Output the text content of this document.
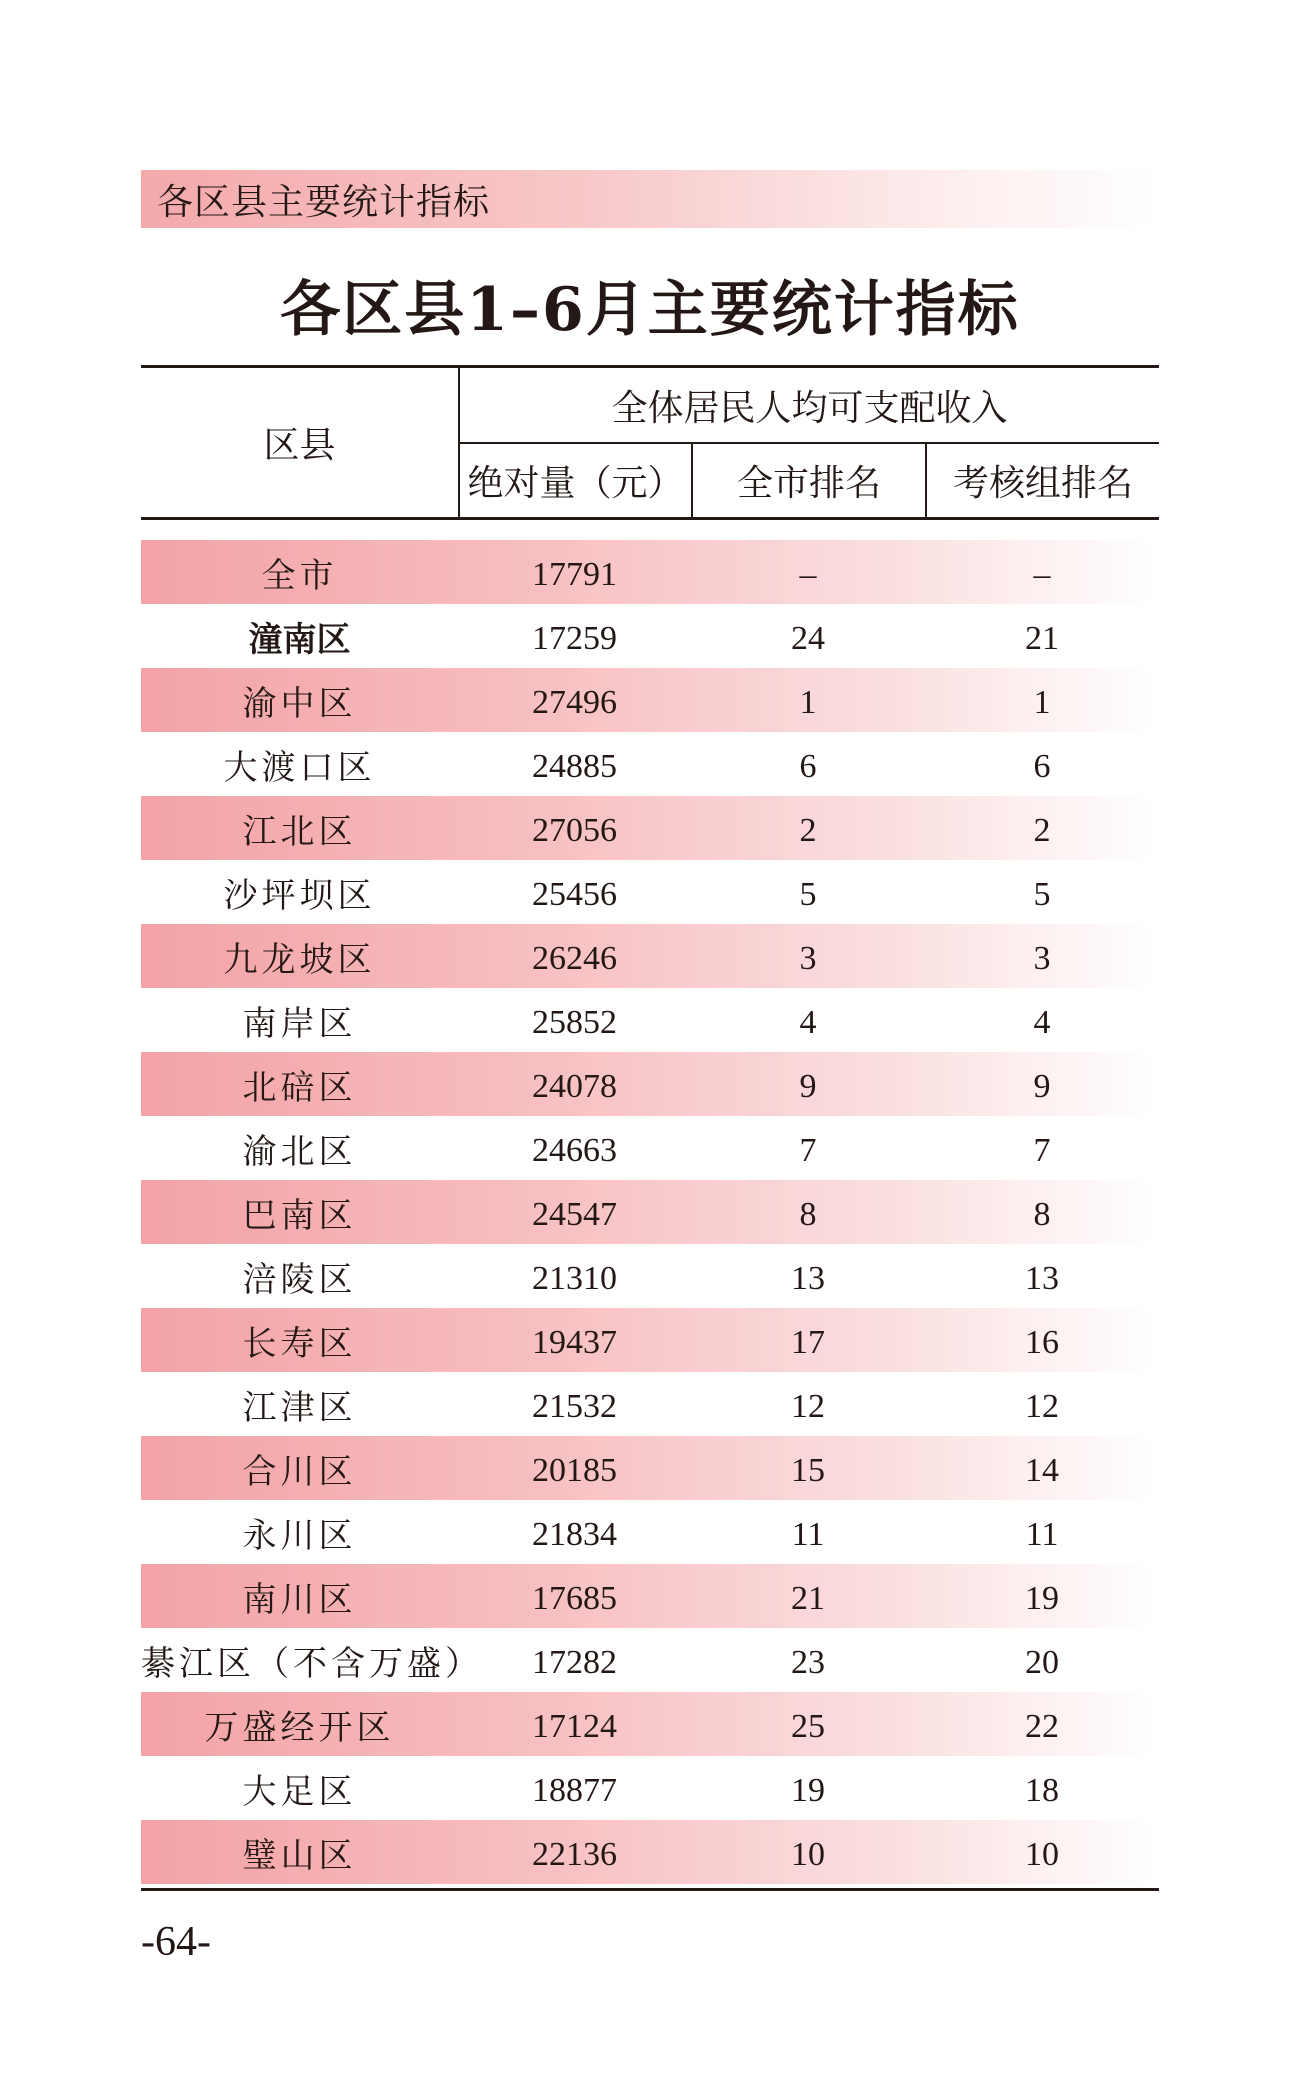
各区县主要统计指标
各区县1–6月主要统计指标
区县
全体居民人均可支配收入
绝对量（元）	全市排名	考核组排名
全市	17791	–	–
潼南区	17259	24	21
渝中区	27496	1	1
大渡口区	24885	6	6
江北区	27056	2	2
沙坪坝区	25456	5	5
九龙坡区	26246	3	3
南岸区	25852	4	4
北碚区	24078	9	9
渝北区	24663	7	7
巴南区	24547	8	8
涪陵区	21310	13	13
长寿区	19437	17	16
江津区	21532	12	12
合川区	20185	15	14
永川区	21834	11	11
南川区	17685	21	19
綦江区（不含万盛）	17282	23	20
万盛经开区	17124	25	22
大足区	18877	19	18
璧山区	22136	10	10
-64-
